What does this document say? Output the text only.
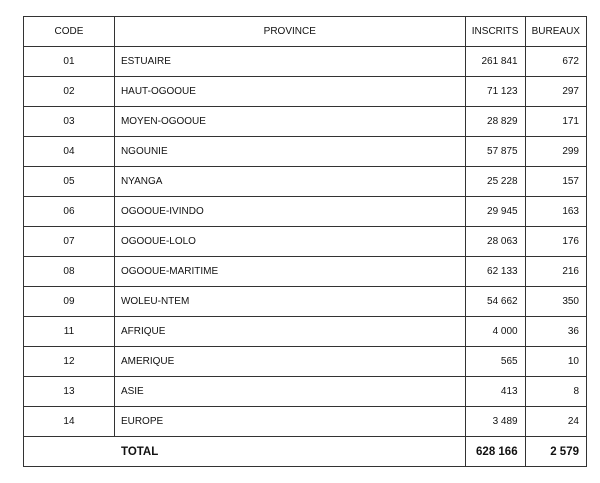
CODE	PROVINCE	INSCRITS	BUREAUX
01	ESTUAIRE	261 841	672
02	HAUT-OGOOUE	71 123	297
03	MOYEN-OGOOUE	28 829	171
04	NGOUNIE	57 875	299
05	NYANGA	25 228	157
06	OGOOUE-IVINDO	29 945	163
07	OGOOUE-LOLO	28 063	176
08	OGOOUE-MARITIME	62 133	216
09	WOLEU-NTEM	54 662	350
11	AFRIQUE	4 000	36
12	AMERIQUE	565	10
13	ASIE	413	8
14	EUROPE	3 489	24
TOTAL		628 166	2 579
